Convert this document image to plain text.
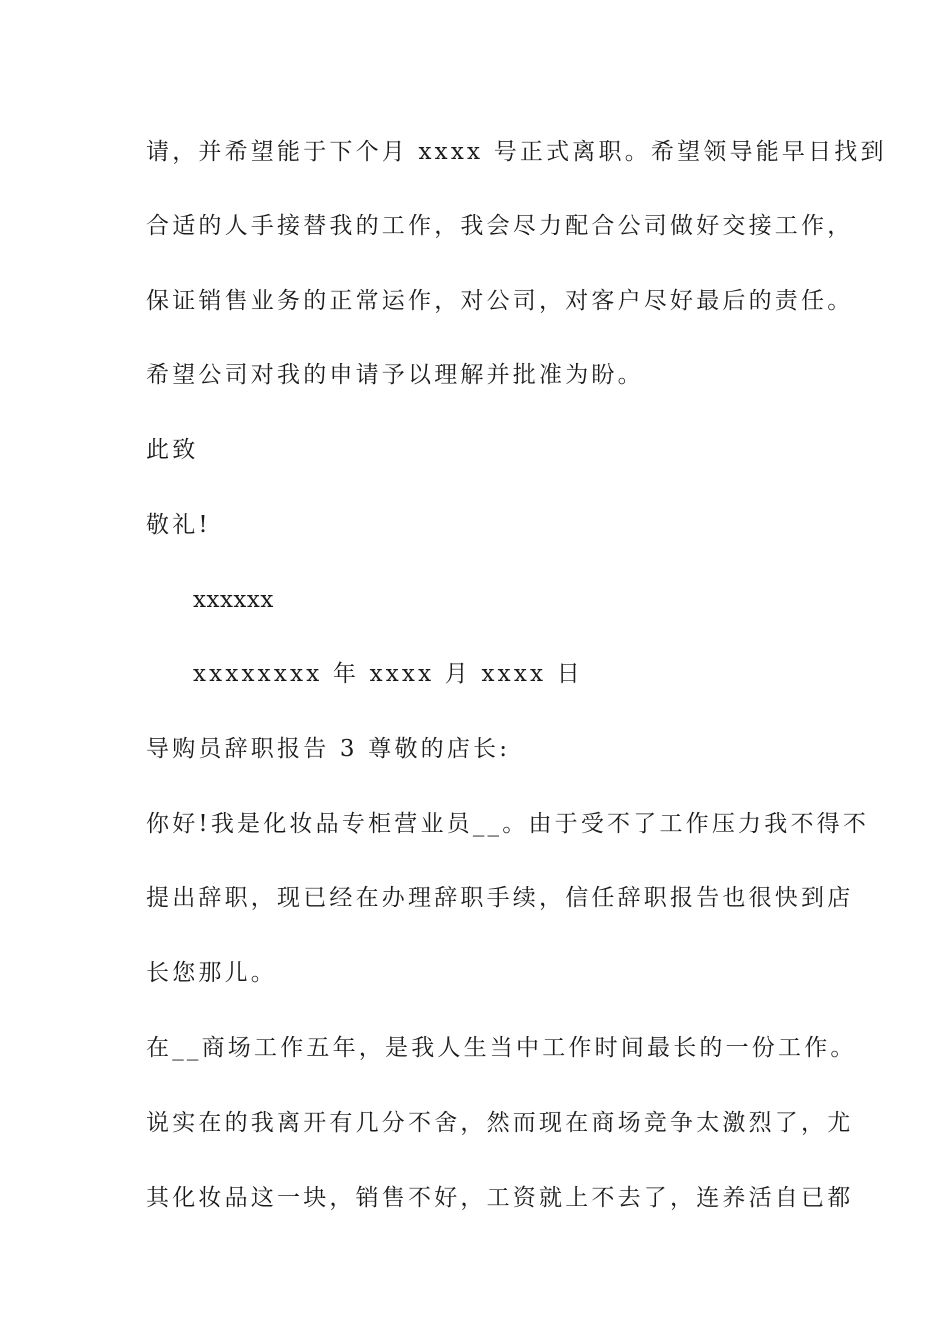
请，并希望能于下个月 xxxx 号正式离职。希望领导能早日找到
合适的人手接替我的工作，我会尽力配合公司做好交接工作，
保证销售业务的正常运作，对公司，对客户尽好最后的责任。
希望公司对我的申请予以理解并批准为盼。
此致
敬礼!
xxxxxx
xxxxxxxx 年 xxxx 月 xxxx 日
导购员辞职报告 3 尊敬的店长:
你好!我是化妆品专柜营业员__。由于受不了工作压力我不得不
提出辞职，现已经在办理辞职手续，信任辞职报告也很快到店
长您那儿。
在__商场工作五年，是我人生当中工作时间最长的一份工作。
说实在的我离开有几分不舍，然而现在商场竞争太激烈了，尤
其化妆品这一块，销售不好，工资就上不去了，连养活自已都
